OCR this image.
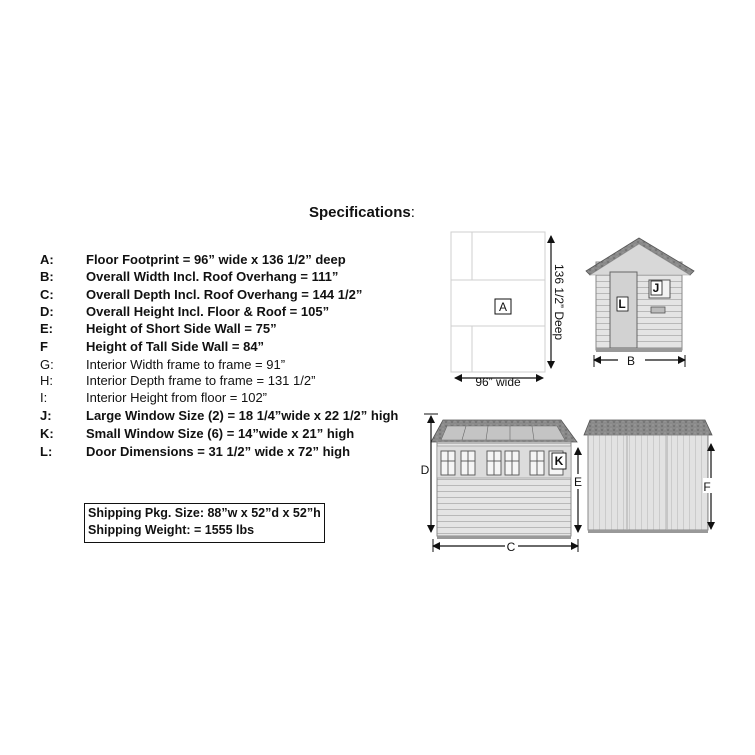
Specifications:
A:	Floor Footprint = 96” wide x 136 1/2” deep
B:	Overall Width Incl. Roof Overhang = 111”
C:	Overall Depth Incl. Roof Overhang = 144 1/2”
D:	Overall Height Incl. Floor & Roof = 105”
E:	Height of Short Side Wall = 75”
F	Height of Tall Side Wall = 84”
G:	Interior Width frame to frame = 91”
H:	Interior Depth frame to frame = 131 1/2”
I:	Interior Height from floor = 102”
J:	Large Window Size (2) = 18 1/4”wide x 22 1/2” high
K:	Small Window Size (6) = 14”wide x 21” high
L:	Door Dimensions = 31 1/2” wide x 72” high
Shipping Pkg. Size: 88”w x 52”d x 52”h
Shipping Weight: = 1555 lbs
A	136 1/2” Deep
96” wide
L
J
B
K
D
E
C
F
